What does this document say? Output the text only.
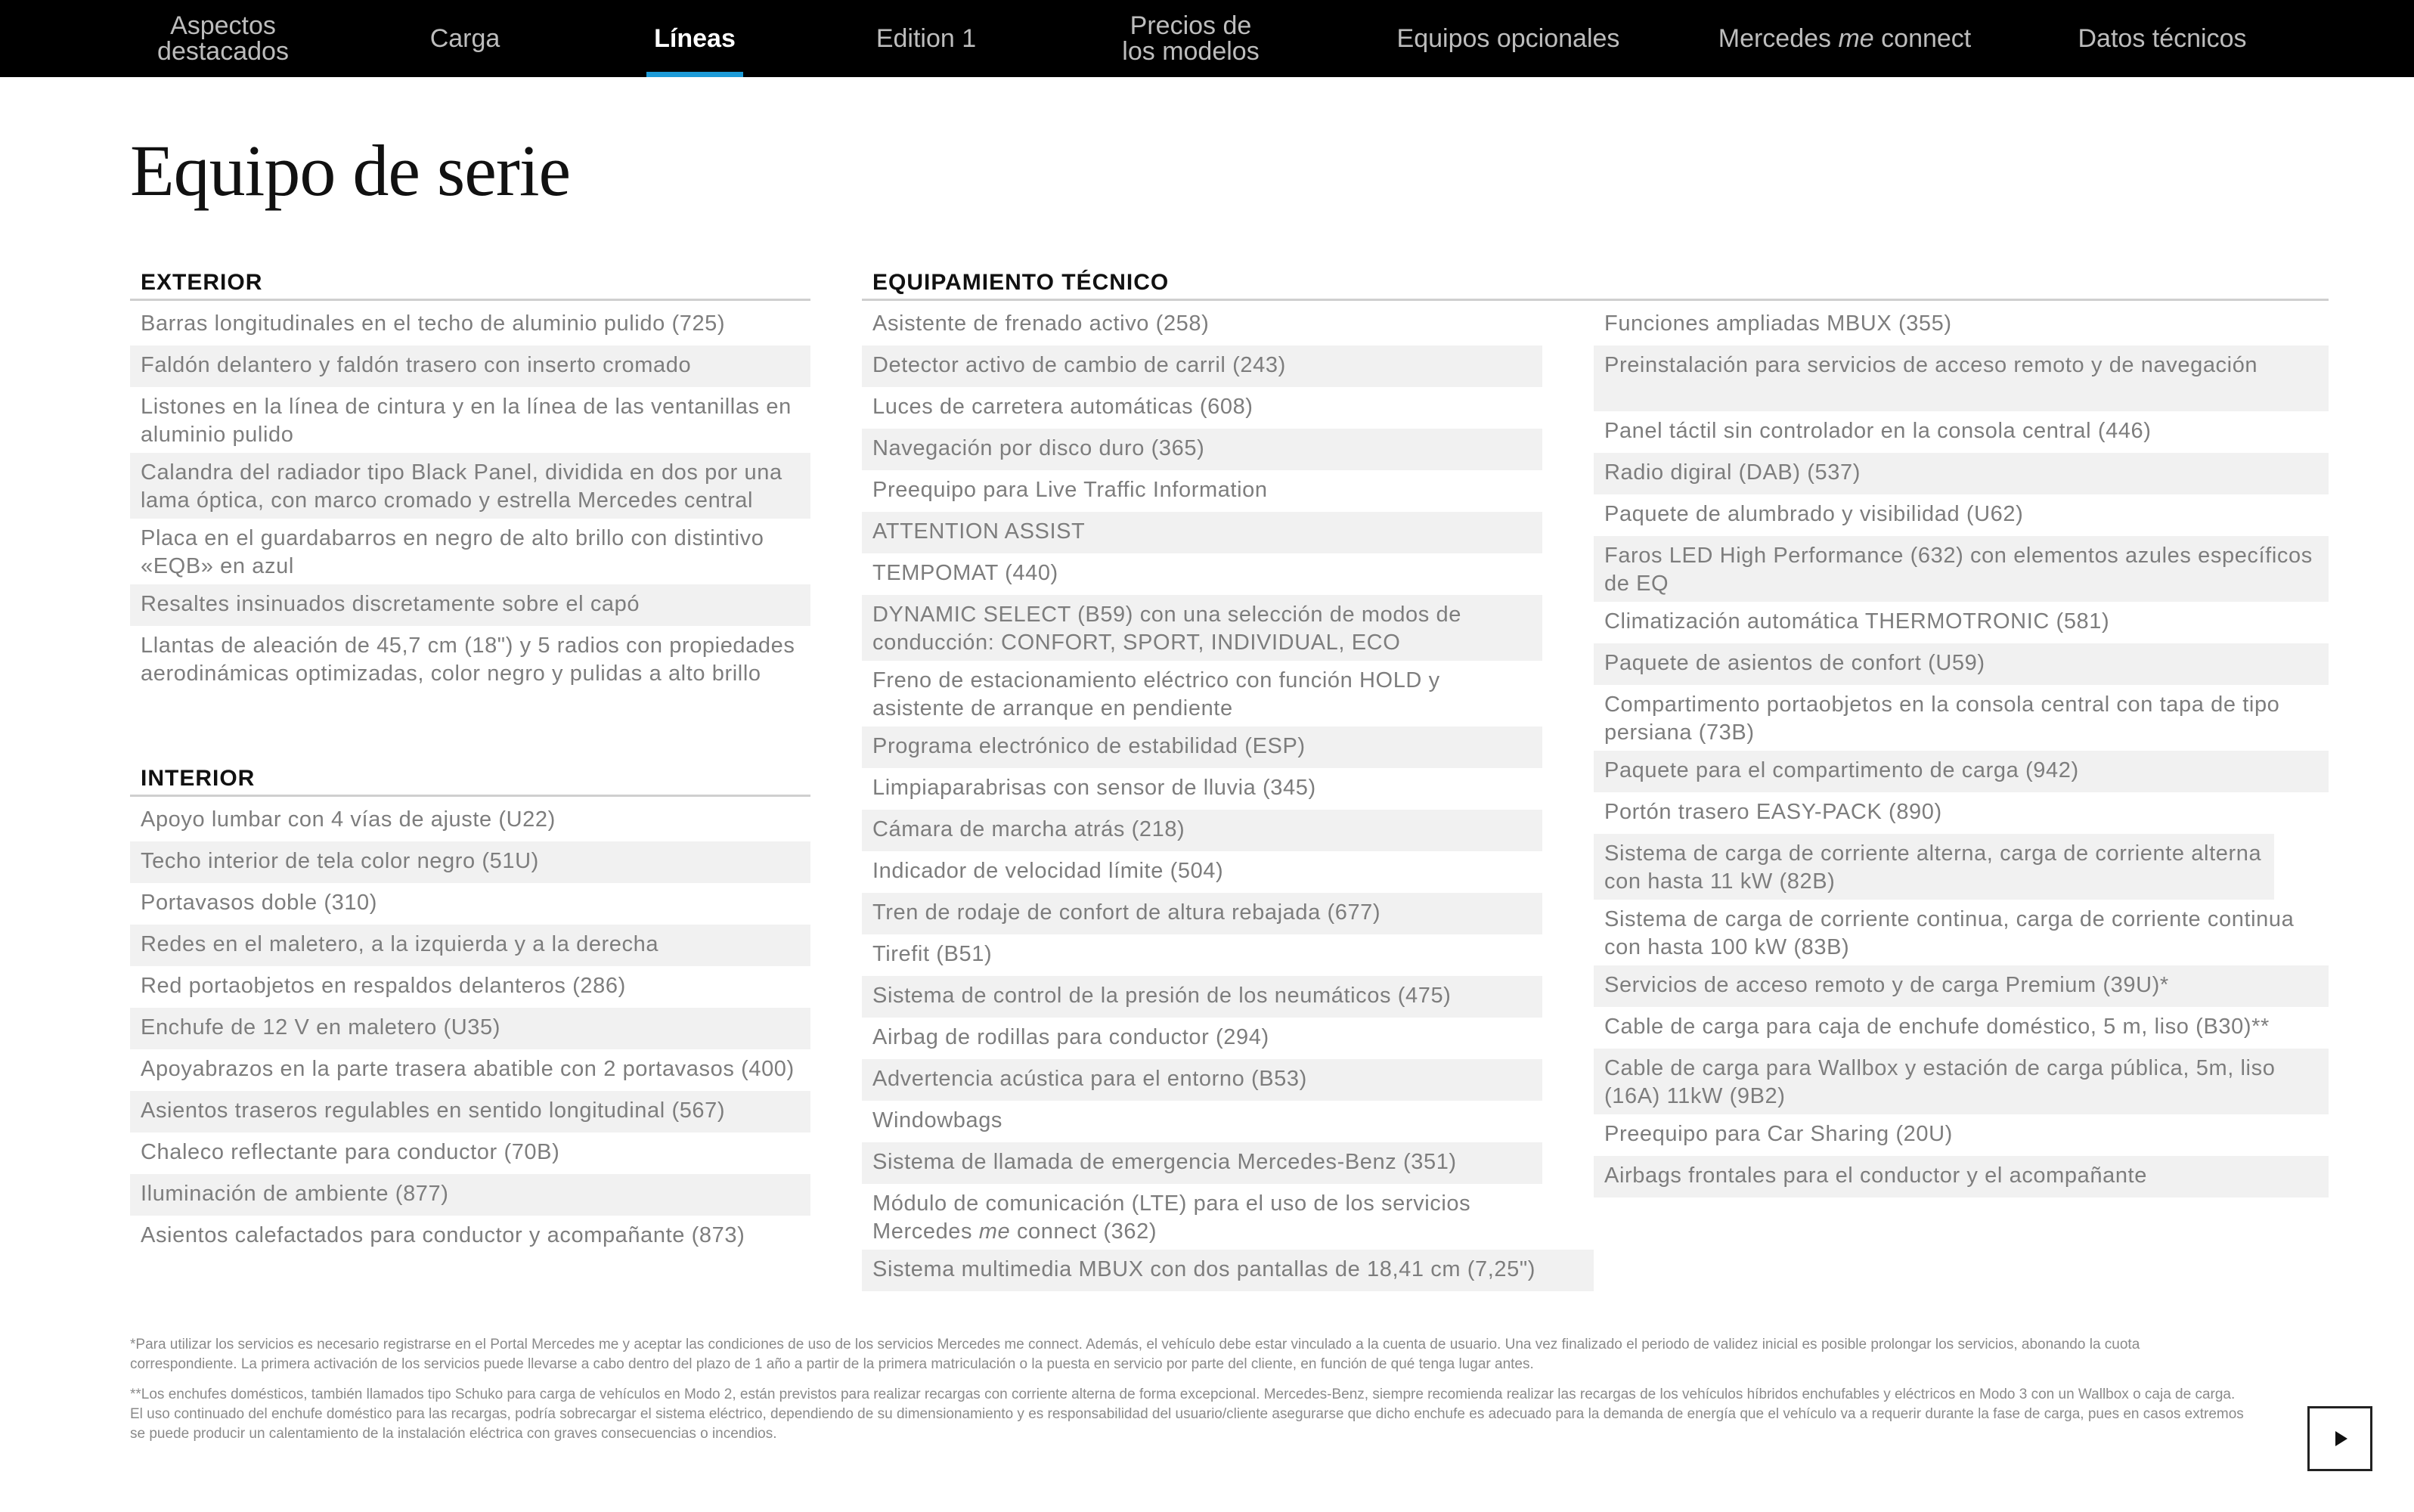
Aspectos
destacados	Carga	Líneas	Edition 1	Precios de
los modelos	Equipos opcionales	Mercedes me connect	Datos técnicos
Equipo de serie
EXTERIOR
Barras longitudinales en el techo de aluminio pulido (725)
Faldón delantero y faldón trasero con inserto cromado
Listones en la línea de cintura y en la línea de las ventanillas en aluminio pulido
Calandra del radiador tipo Black Panel, dividida en dos por una lama óptica, con marco cromado y estrella Mercedes central
Placa en el guardabarros en negro de alto brillo con distintivo «EQB» en azul
Resaltes insinuados discretamente sobre el capó
Llantas de aleación de 45,7 cm (18") y 5 radios con propiedades aerodinámicas optimizadas, color negro y pulidas a alto brillo
INTERIOR
Apoyo lumbar con 4 vías de ajuste (U22)
Techo interior de tela color negro (51U)
Portavasos doble (310)
Redes en el maletero, a la izquierda y a la derecha
Red portaobjetos en respaldos delanteros (286)
Enchufe de 12 V en maletero (U35)
Apoyabrazos en la parte trasera abatible con 2 portavasos (400)
Asientos traseros regulables en sentido longitudinal (567)
Chaleco reflectante para conductor (70B)
Iluminación de ambiente (877)
Asientos calefactados para conductor y acompañante (873)
EQUIPAMIENTO TÉCNICO
Asistente de frenado activo (258)
Detector activo de cambio de carril (243)
Luces de carretera automáticas (608)
Navegación por disco duro (365)
Preequipo para Live Traffic Information
ATTENTION ASSIST
TEMPOMAT (440)
DYNAMIC SELECT (B59) con una selección de modos de conducción: CONFORT, SPORT, INDIVIDUAL, ECO
Freno de estacionamiento eléctrico con función HOLD y asistente de arranque en pendiente
Programa electrónico de estabilidad (ESP)
Limpiaparabrisas con sensor de lluvia (345)
Cámara de marcha atrás (218)
Indicador de velocidad límite (504)
Tren de rodaje de confort de altura rebajada (677)
Tirefit (B51)
Sistema de control de la presión de los neumáticos (475)
Airbag de rodillas para conductor (294)
Advertencia acústica para el entorno (B53)
Windowbags
Sistema de llamada de emergencia Mercedes-Benz (351)
Módulo de comunicación (LTE) para el uso de los servicios Mercedes me connect (362)
Sistema multimedia MBUX con dos pantallas de 18,41 cm (7,25")
Funciones ampliadas MBUX (355)
Preinstalación para servicios de acceso remoto y de navegación
Panel táctil sin controlador en la consola central (446)
Radio digiral (DAB) (537)
Paquete de alumbrado y visibilidad (U62)
Faros LED High Performance (632) con elementos azules específicos de EQ
Climatización automática THERMOTRONIC (581)
Paquete de asientos de confort (U59)
Compartimento portaobjetos en la consola central con tapa de tipo persiana (73B)
Paquete para el compartimento de carga (942)
Portón trasero EASY-PACK (890)
Sistema de carga de corriente alterna, carga de corriente alterna con hasta 11 kW (82B)
Sistema de carga de corriente continua, carga de corriente continua con hasta 100 kW (83B)
Servicios de acceso remoto y de carga Premium (39U)*
Cable de carga para caja de enchufe doméstico, 5 m, liso (B30)**
Cable de carga para Wallbox y estación de carga pública, 5m, liso (16A) 11kW (9B2)
Preequipo para Car Sharing (20U)
Airbags frontales para el conductor y el acompañante

*Para utilizar los servicios es necesario registrarse en el Portal Mercedes me y aceptar las condiciones de uso de los servicios Mercedes me connect. Además, el vehículo debe estar vinculado a la cuenta de usuario. Una vez finalizado el periodo de validez inicial es posible prolongar los servicios, abonando la cuota correspondiente. La primera activación de los servicios puede llevarse a cabo dentro del plazo de 1 año a partir de la primera matriculación o la puesta en servicio por parte del cliente, en función de qué tenga lugar antes.

**Los enchufes domésticos, también llamados tipo Schuko para carga de vehículos en Modo 2, están previstos para realizar recargas con corriente alterna de forma excepcional. Mercedes-Benz, siempre recomienda realizar las recargas de los vehículos híbridos enchufables y eléctricos en Modo 3 con un Wallbox o caja de carga. El uso continuado del enchufe doméstico para las recargas, podría sobrecargar el sistema eléctrico, dependiendo de su dimensionamiento y es responsabilidad del usuario/cliente asegurarse que dicho enchufe es adecuado para la demanda de energía que el vehículo va a requerir durante la fase de carga, pues en casos extremos se puede producir un calentamiento de la instalación eléctrica con graves consecuencias o incendios.
